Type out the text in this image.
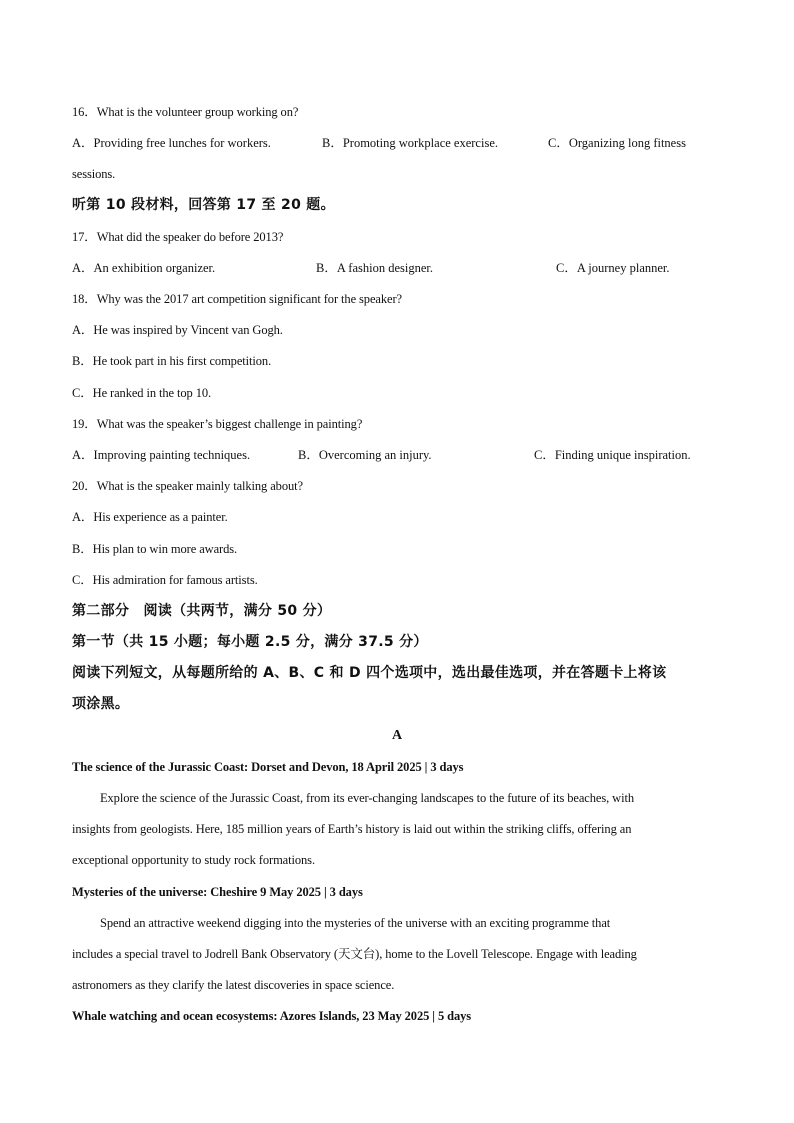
16．What is the volunteer group working on?
A．Providing free lunches for workers.	B．Promoting workplace exercise.	C．Organizing long fitness
sessions.
听第 10 段材料，回答第 17 至 20 题。
17．What did the speaker do before 2013?
A．An exhibition organizer.	B．A fashion designer.	C．A journey planner.
18．Why was the 2017 art competition significant for the speaker?
A．He was inspired by Vincent van Gogh.
B．He took part in his first competition.
C．He ranked in the top 10.
19．What was the speaker’s biggest challenge in painting?
A．Improving painting techniques.	B．Overcoming an injury.	C．Finding unique inspiration.
20．What is the speaker mainly talking about?
A．His experience as a painter.
B．His plan to win more awards.
C．His admiration for famous artists.
第二部分　阅读（共两节，满分 50 分）
第一节（共 15 小题；每小题 2.5 分，满分 37.5 分）
阅读下列短文，从每题所给的 A、B、C 和 D 四个选项中，选出最佳选项，并在答题卡上将该
项涂黑。
A
The science of the Jurassic Coast: Dorset and Devon, 18 April 2025 | 3 days
Explore the science of the Jurassic Coast, from its ever-changing landscapes to the future of its beaches, with
insights from geologists. Here, 185 million years of Earth’s history is laid out within the striking cliffs, offering an
exceptional opportunity to study rock formations.
Mysteries of the universe: Cheshire 9 May 2025 | 3 days
Spend an attractive weekend digging into the mysteries of the universe with an exciting programme that
includes a special travel to Jodrell Bank Observatory (天文台), home to the Lovell Telescope. Engage with leading
astronomers as they clarify the latest discoveries in space science.
Whale watching and ocean ecosystems: Azores Islands, 23 May 2025 | 5 days
